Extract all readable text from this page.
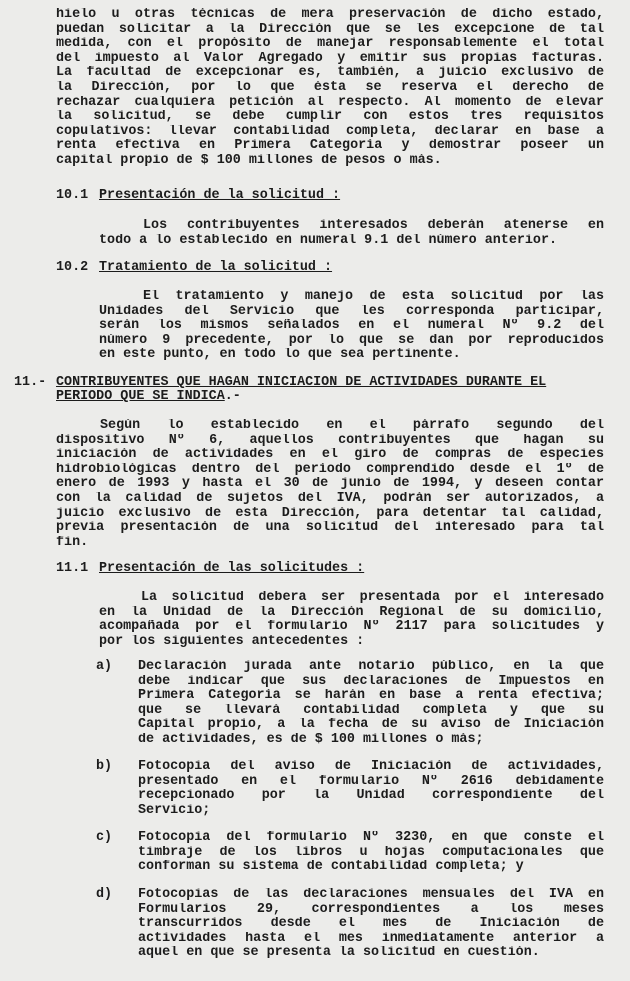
hielo u otras técnicas de mera preservación de dicho estado,
puedan solicitar a la Dirección que se les excepcione de tal
medida, con el propósito de manejar responsablemente el total
del impuesto al Valor Agregado y emitir sus propias facturas.
La facultad de excepcionar es, también, a juicio exclusivo de
la Dirección, por lo que ésta se reserva el derecho de
rechazar cualquiera petición al respecto. Al momento de elevar
la solicitud, se debe cumplir con estos tres requisitos
copulativos: llevar contabilidad completa, declarar en base a
renta efectiva en Primera Categoría y demostrar poseer un
capital propio de $ 100 millones de pesos o más.
10.1 Presentación de la solicitud :
Los contribuyentes interesados deberán atenerse en
todo a lo establecido en numeral 9.1 del número anterior.
10.2 Tratamiento de la solicitud :
El tratamiento y manejo de esta solicitud por las
Unidades del Servicio que les corresponda participar,
serán los mismos señalados en el numeral Nº 9.2 del
número 9 precedente, por lo que se dan por reproducidos
en este punto, en todo lo que sea pertinente.
11.- CONTRIBUYENTES QUE HAGAN INICIACION DE ACTIVIDADES DURANTE EL
PERIODO QUE SE INDICA.-
Según lo establecido en el párrafo segundo del
dispositivo Nº 6, aquellos contribuyentes que hagan su
iniciación de actividades en el giro de compras de especies
hidrobiológicas dentro del período comprendido desde el 1º de
enero de 1993 y hasta el 30 de junio de 1994, y deseen contar
con la calidad de sujetos del IVA, podrán ser autorizados, a
juicio exclusivo de esta Dirección, para detentar tal calidad,
previa presentación de una solicitud del interesado para tal
fin.
11.1 Presentación de las solicitudes :
La solicitud debera ser presentada por el interesado
en la Unidad de la Dirección Regional de su domicilio,
acompañada por el formulario Nº 2117 para solicitudes y
por los siguientes antecedentes :
a) Declaración jurada ante notario público, en la que
debe indicar que sus declaraciones de Impuestos en
Primera Categoría se harán en base a renta efectiva;
que se llevará contabilidad completa y que su
Capital propio, a la fecha de su aviso de Iniciación
de actividades, es de $ 100 millones o más;
b) Fotocopia del aviso de Iniciación de actividades,
presentado en el formulario Nº 2616 debidamente
recepcionado por la Unidad correspondiente del
Servicio;
c) Fotocopia del formulario Nº 3230, en que conste el
timbraje de los libros u hojas computacionales que
conforman su sistema de contabilidad completa; y
d) Fotocopias de las declaraciones mensuales del IVA en
Formularios 29, correspondientes a los meses
transcurridos desde el mes de Iniciación de
actividades hasta el mes inmediatamente anterior a
aquel en que se presenta la solicitud en cuestión.
